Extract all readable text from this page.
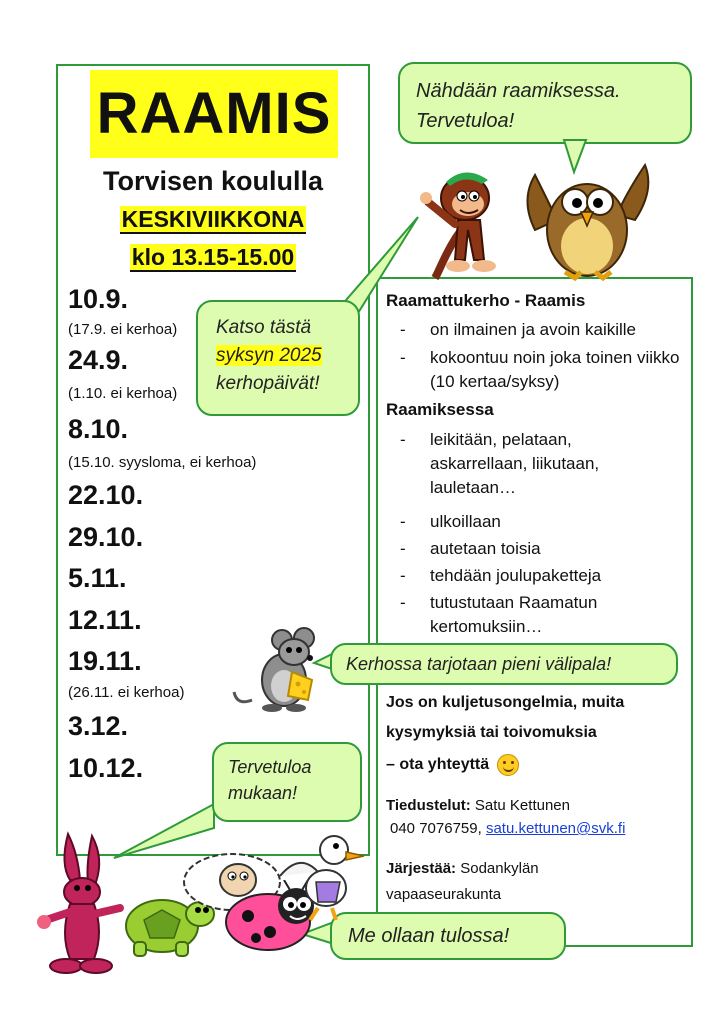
RAAMIS
Torvisen koululla
KESKIVIIKKONA
klo 13.15-15.00
10.9.
(17.9. ei kerhoa)
24.9.
(1.10. ei kerhoa)
8.10.
(15.10. syysloma, ei kerhoa)
22.10.
29.10.
5.11.
12.11.
19.11.
(26.11. ei kerhoa)
3.12.
10.12.
Raamattukerho - Raamis
- on ilmainen ja avoin kaikille
- kokoontuu noin joka toinen viikko (10 kertaa/syksy)
Raamiksessa
- leikitään, pelataan, askarrellaan, liikutaan, lauletaan…
- ulkoillaan
- autetaan toisia
- tehdään joulupaketteja
- tutustutaan Raamatun kertomuksiin…
Jos on kuljetusongelmia, muita
kysymyksiä tai toivomuksia
– ota yhteyttä
Tiedustelut: Satu Kettunen
040 7076759, satu.kettunen@svk.fi
Järjestää: Sodankylän
vapaaseurakunta
Nähdään raamiksessa.
Tervetuloa!
Katso tästä
syksyn 2025
kerhopäivät!
Kerhossa tarjotaan pieni välipala!
Tervetuloa
mukaan!
Me ollaan tulossa!
